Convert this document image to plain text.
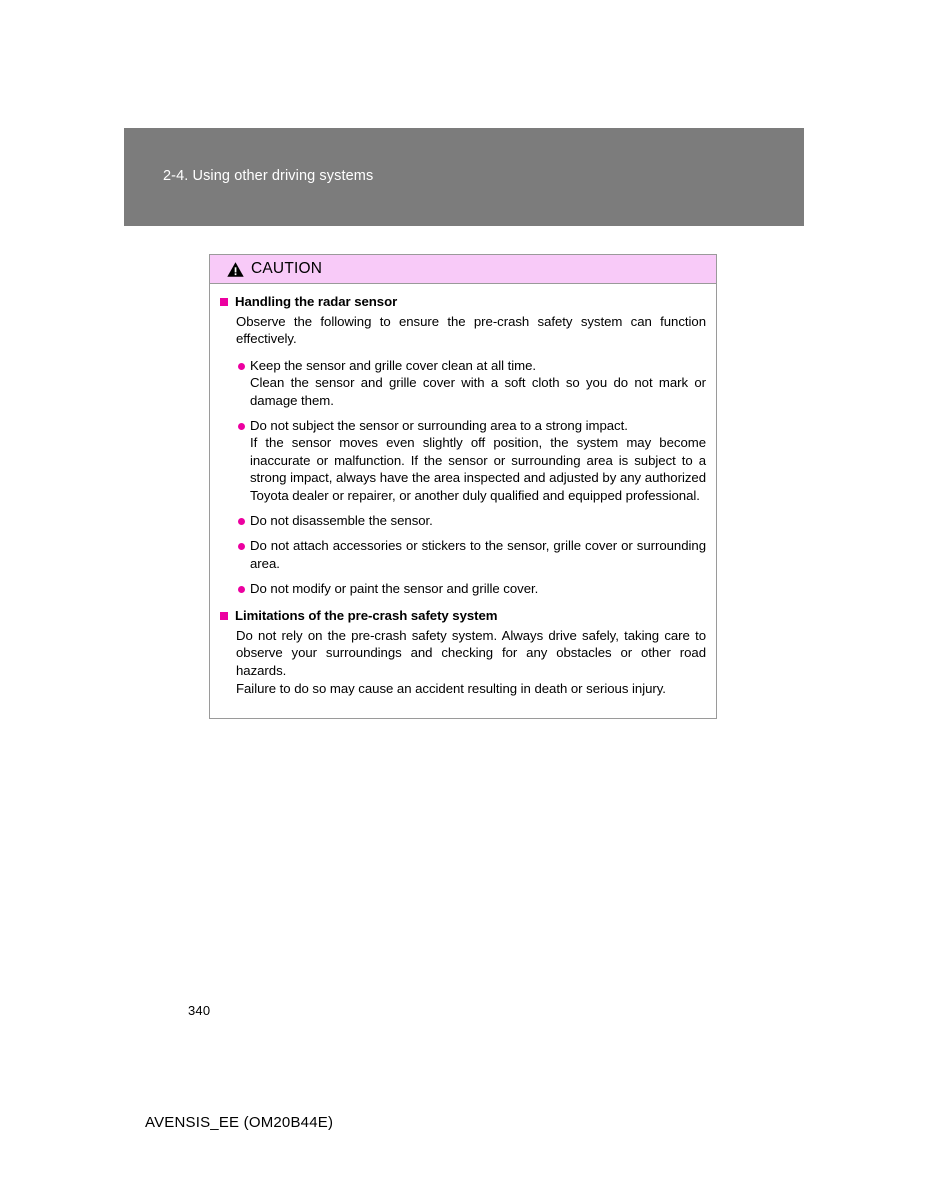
2-4. Using other driving systems
CAUTION
Handling the radar sensor

Observe the following to ensure the pre-crash safety system can function effectively.

Keep the sensor and grille cover clean at all time.
Clean the sensor and grille cover with a soft cloth so you do not mark or damage them.
Do not subject the sensor or surrounding area to a strong impact.
If the sensor moves even slightly off position, the system may become inaccurate or malfunction. If the sensor or surrounding area is subject to a strong impact, always have the area inspected and adjusted by any authorized Toyota dealer or repairer, or another duly qualified and equipped professional.
Do not disassemble the sensor.
Do not attach accessories or stickers to the sensor, grille cover or surrounding area.
Do not modify or paint the sensor and grille cover.
Limitations of the pre-crash safety system

Do not rely on the pre-crash safety system. Always drive safely, taking care to observe your surroundings and checking for any obstacles or other road hazards.

Failure to do so may cause an accident resulting in death or serious injury.

340
AVENSIS_EE (OM20B44E)
